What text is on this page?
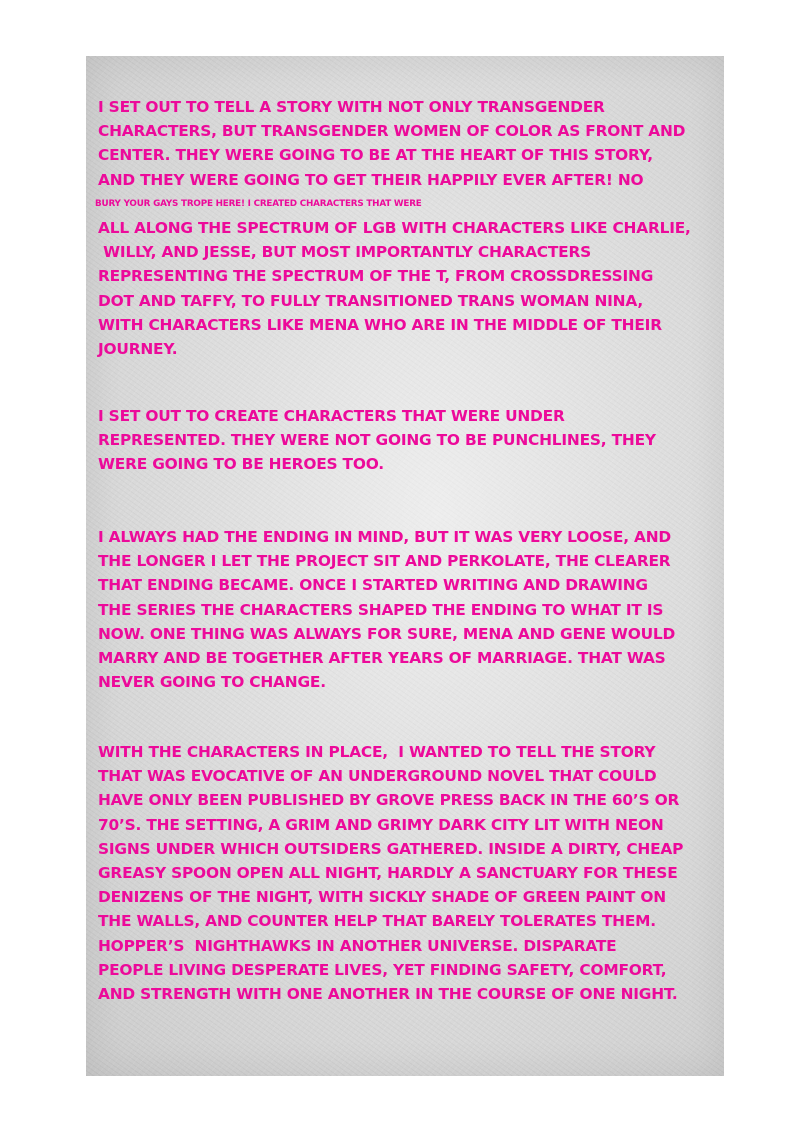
I SET OUT TO TELL A STORY WITH NOT ONLY TRANSGENDER
CHARACTERS, BUT TRANSGENDER WOMEN OF COLOR AS FRONT AND
CENTER. THEY WERE GOING TO BE AT THE HEART OF THIS STORY,
AND THEY WERE GOING TO GET THEIR HAPPILY EVER AFTER! NO
BURY YOUR GAYS TROPE HERE! I CREATED CHARACTERS THAT WERE
ALL ALONG THE SPECTRUM OF LGB WITH CHARACTERS LIKE CHARLIE,
WILLY, AND JESSE, BUT MOST IMPORTANTLY CHARACTERS
REPRESENTING THE SPECTRUM OF THE T, FROM CROSSDRESSING
DOT AND TAFFY, TO FULLY TRANSITIONED TRANS WOMAN NINA,
WITH CHARACTERS LIKE MENA WHO ARE IN THE MIDDLE OF THEIR
JOURNEY.
I SET OUT TO CREATE CHARACTERS THAT WERE UNDER
REPRESENTED. THEY WERE NOT GOING TO BE PUNCHLINES, THEY
WERE GOING TO BE HEROES TOO.
I ALWAYS HAD THE ENDING IN MIND, BUT IT WAS VERY LOOSE, AND
THE LONGER I LET THE PROJECT SIT AND PERKOLATE, THE CLEARER
THAT ENDING BECAME. ONCE I STARTED WRITING AND DRAWING
THE SERIES THE CHARACTERS SHAPED THE ENDING TO WHAT IT IS
NOW. ONE THING WAS ALWAYS FOR SURE, MENA AND GENE WOULD
MARRY AND BE TOGETHER AFTER YEARS OF MARRIAGE. THAT WAS
NEVER GOING TO CHANGE.
WITH THE CHARACTERS IN PLACE,  I WANTED TO TELL THE STORY
THAT WAS EVOCATIVE OF AN UNDERGROUND NOVEL THAT COULD
HAVE ONLY BEEN PUBLISHED BY GROVE PRESS BACK IN THE 60’S OR
70’S. THE SETTING, A GRIM AND GRIMY DARK CITY LIT WITH NEON
SIGNS UNDER WHICH OUTSIDERS GATHERED. INSIDE A DIRTY, CHEAP
GREASY SPOON OPEN ALL NIGHT, HARDLY A SANCTUARY FOR THESE
DENIZENS OF THE NIGHT, WITH SICKLY SHADE OF GREEN PAINT ON
THE WALLS, AND COUNTER HELP THAT BARELY TOLERATES THEM.
HOPPER’S  NIGHTHAWKS IN ANOTHER UNIVERSE. DISPARATE
PEOPLE LIVING DESPERATE LIVES, YET FINDING SAFETY, COMFORT,
AND STRENGTH WITH ONE ANOTHER IN THE COURSE OF ONE NIGHT.
